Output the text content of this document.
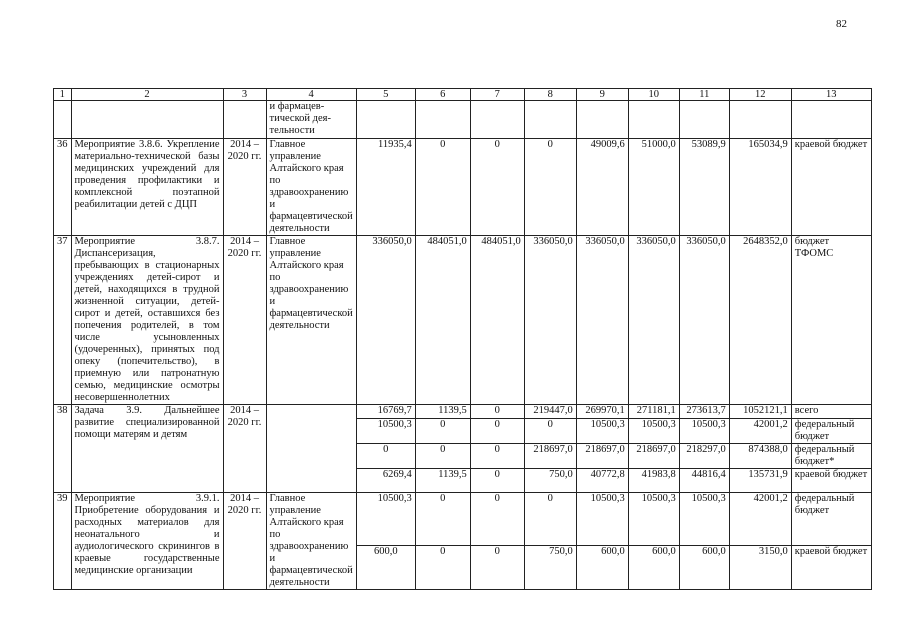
82
1	2	3	4	5	6	7	8	9	10	11	12	13
			и фармацев-
тической дея-
тельности									
36	Мероприятие 3.8.6. Укрепление материально-технической базы медицинских учреждений для проведения профилактики и комплексной поэтапной реабилитации детей с ДЦП	2014 – 2020 гг.	Главное управление Алтайского края по здравоохранению и фармацевтической деятельности	11935,4	0	0	0	49009,6	51000,0	53089,9	165034,9	краевой бюджет
37	Мероприятие 3.8.7. Диспансеризация, пребывающих в стационарных учреждениях детей-сирот и детей, находящихся в трудной жизненной ситуации, детей-сирот и детей, оставшихся без попечения родителей, в том числе усыновленных (удочеренных), принятых под опеку (попечительство), в приемную или патронатную семью, медицинские осмотры несовершеннолетних	2014 – 2020 гг.	Главное управление Алтайского края по здравоохранению и фармацевтической деятельности	336050,0	484051,0	484051,0	336050,0	336050,0	336050,0	336050,0	2648352,0	бюджет ТФОМС
38	Задача 3.9. Дальнейшее развитие специализированной помощи матерям и детям	2014 – 2020 гг.		16769,7	1139,5	0	219447,0	269970,1	271181,1	273613,7	1052121,1	всего
				10500,3	0	0	0	10500,3	10500,3	10500,3	42001,2	федеральный бюджет
				0	0	0	218697,0	218697,0	218697,0	218297,0	874388,0	федеральный бюджет*
				6269,4	1139,5	0	750,0	40772,8	41983,8	44816,4	135731,9	краевой бюджет
39	Мероприятие 3.9.1. Приобретение оборудования и расходных материалов для неонатального и аудиологического скринингов в краевые государственные медицинские организации	2014 – 2020 гг.	Главное управление Алтайского края по здравоохранению и фармацевтической деятельности	10500,3	0	0	0	10500,3	10500,3	10500,3	42001,2	федеральный бюджет
				600,0	0	0	750,0	600,0	600,0	600,0	3150,0	краевой бюджет
